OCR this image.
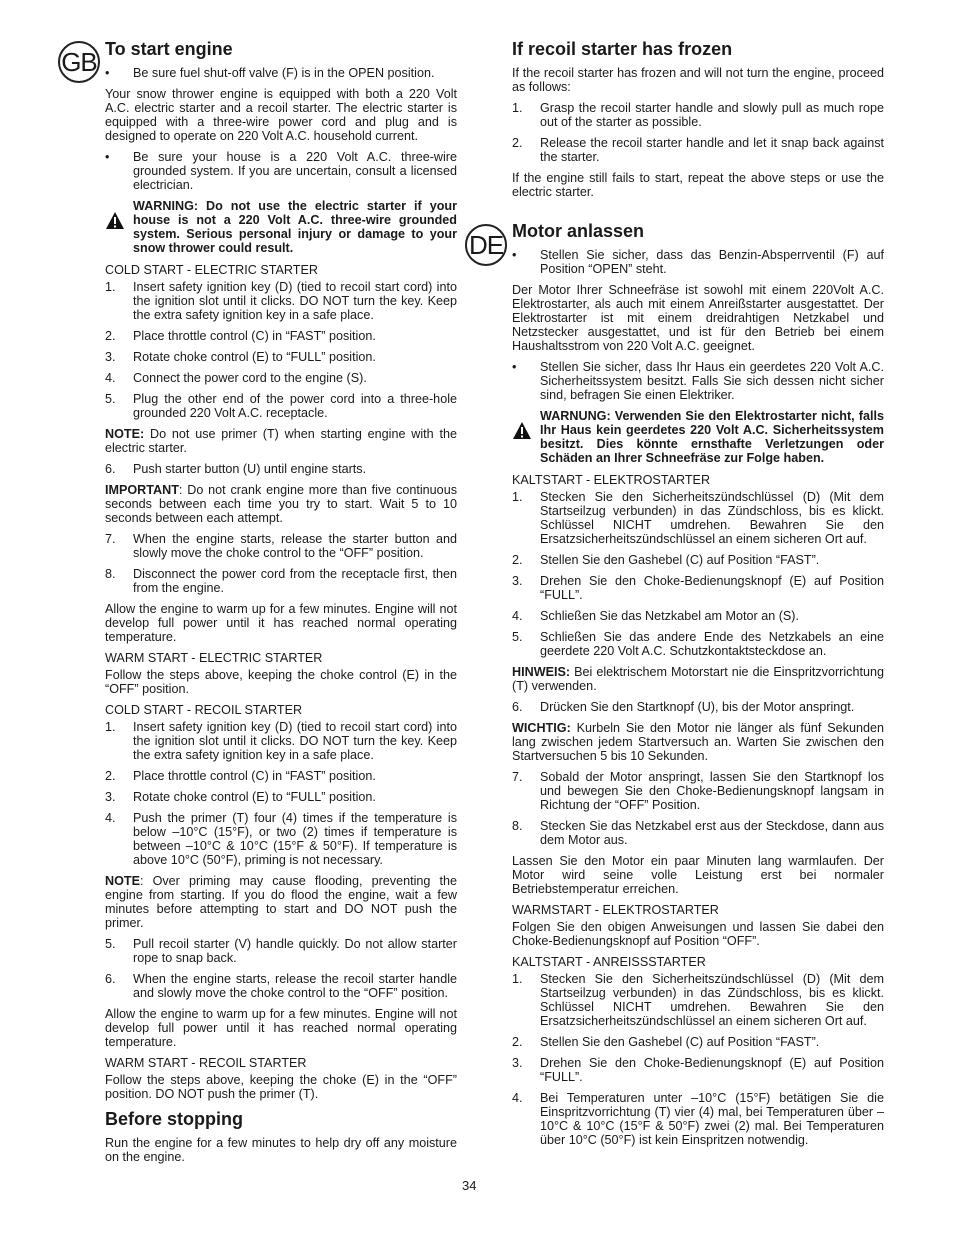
GB
DE
To start engine
• Be sure fuel shut-off valve (F) is in the OPEN position.

Your snow thrower engine is equipped with both a 220 Volt A.C. electric starter and a recoil starter. The electric starter is equipped with a three-wire power cord and plug and is designed to operate on 220 Volt A.C. household current.

• Be sure your house is a 220 Volt A.C. three-wire grounded system. If you are uncertain, consult a licensed electrician.
WARNING: Do not use the electric starter if your house is not a 220 Volt A.C. three-wire grounded system. Serious personal injury or damage to your snow thrower could result.

COLD START - ELECTRIC STARTER

1. Insert safety ignition key (D) (tied to recoil start cord) into the ignition slot until it clicks. DO NOT turn the key. Keep the extra safety ignition key in a safe place.
2. Place throttle control (C) in “FAST” position.
3. Rotate choke control (E) to “FULL” position.
4. Connect the power cord to the engine (S).
5. Plug the other end of the power cord into a three-hole grounded 220 Volt A.C. receptacle.

NOTE: Do not use primer (T) when starting engine with the electric starter.

6. Push starter button (U) until engine starts.

IMPORTANT: Do not crank engine more than five continuous seconds between each time you try to start. Wait 5 to 10 seconds between each attempt.

7. When the engine starts, release the starter button and slowly move the choke control to the “OFF” position.
8. Disconnect the power cord from the receptacle first, then from the engine.

Allow the engine to warm up for a few minutes. Engine will not develop full power until it has reached normal operating temperature.

WARM START - ELECTRIC STARTER

Follow the steps above, keeping the choke control (E) in the “OFF” position.

COLD START - RECOIL STARTER

1. Insert safety ignition key (D) (tied to recoil start cord) into the ignition slot until it clicks. DO NOT turn the key. Keep the extra safety ignition key in a safe place.
2. Place throttle control (C) in “FAST” position.
3. Rotate choke control (E) to “FULL” position.
4. Push the primer (T) four (4) times if the temperature is below –10°C (15°F), or two (2) times if temperature is between –10°C & 10°C (15°F & 50°F). If temperature is above 10°C (50°F), priming is not necessary.

NOTE: Over priming may cause flooding, preventing the engine from starting. If you do flood the engine, wait a few minutes before attempting to start and DO NOT push the primer.

5. Pull recoil starter (V) handle quickly. Do not allow starter rope to snap back.
6. When the engine starts, release the recoil starter handle and slowly move the choke control to the “OFF” position.

Allow the engine to warm up for a few minutes. Engine will not develop full power until it has reached normal operating temperature.

WARM START - RECOIL STARTER

Follow the steps above, keeping the choke (E) in the “OFF” position. DO NOT push the primer (T).

Before stopping

Run the engine for a few minutes to help dry off any moisture on the engine.

If recoil starter has frozen

If the recoil starter has frozen and will not turn the engine, proceed as follows:

1. Grasp the recoil starter handle and slowly pull as much rope out of the starter as possible.
2. Release the recoil starter handle and let it snap back against the starter.

If the engine still fails to start, repeat the above steps or use the electric starter.

Motor anlassen
• Stellen Sie sicher, dass das Benzin-Absperrventil (F) auf Position “OPEN” steht.

Der Motor Ihrer Schneefräse ist sowohl mit einem 220Volt A.C. Elektrostarter, als auch mit einem Anreißstarter ausgestattet. Der Elektrostarter ist mit einem dreidrahtigen Netzkabel und Netzstecker ausgestattet, und ist für den Betrieb bei einem Haushaltsstrom von 220 Volt A.C. geeignet.

• Stellen Sie sicher, dass Ihr Haus ein geerdetes 220 Volt A.C. Sicherheitssystem besitzt. Falls Sie sich dessen nicht sicher sind, befragen Sie einen Elektriker.
WARNUNG: Verwenden Sie den Elektrostarter nicht, falls Ihr Haus kein geerdetes 220 Volt A.C. Sicherheitssystem besitzt. Dies könnte ernsthafte Verletzungen oder Schäden an Ihrer Schneefräse zur Folge haben.

KALTSTART - ELEKTROSTARTER

1. Stecken Sie den Sicherheitszündschlüssel (D) (Mit dem Startseilzug verbunden) in das Zündschloss, bis es klickt. Schlüssel NICHT umdrehen. Bewahren Sie den Ersatzsicherheitszündschlüssel an einem sicheren Ort auf.
2. Stellen Sie den Gashebel (C) auf Position “FAST”.
3. Drehen Sie den Choke-Bedienungsknopf (E) auf Position “FULL”.
4. Schließen Sie das Netzkabel am Motor an (S).
5. Schließen Sie das andere Ende des Netzkabels an eine geerdete 220 Volt A.C. Schutzkontaktsteckdose an.

HINWEIS: Bei elektrischem Motorstart nie die Einspritzvorrichtung (T) verwenden.

6. Drücken Sie den Startknopf (U), bis der Motor anspringt.

WICHTIG: Kurbeln Sie den Motor nie länger als fünf Sekunden lang zwischen jedem Startversuch an. Warten Sie zwischen den Startversuchen 5 bis 10 Sekunden.

7. Sobald der Motor anspringt, lassen Sie den Startknopf los und bewegen Sie den Choke-Bedienungsknopf langsam in Richtung der “OFF” Position.
8. Stecken Sie das Netzkabel erst aus der Steckdose, dann aus dem Motor aus.

Lassen Sie den Motor ein paar Minuten lang warmlaufen. Der Motor wird seine volle Leistung erst bei normaler Betriebstemperatur erreichen.

WARMSTART - ELEKTROSTARTER

Folgen Sie den obigen Anweisungen und lassen Sie dabei den Choke-Bedienungsknopf auf Position “OFF”.

KALTSTART - ANREISSSTARTER

1. Stecken Sie den Sicherheitszündschlüssel (D) (Mit dem Startseilzug verbunden) in das Zündschloss, bis es klickt. Schlüssel NICHT umdrehen. Bewahren Sie den Ersatzsicherheitszündschlüssel an einem sicheren Ort auf.
2. Stellen Sie den Gashebel (C) auf Position “FAST”.
3. Drehen Sie den Choke-Bedienungsknopf (E) auf Position “FULL”.
4. Bei Temperaturen unter –10°C (15°F) betätigen Sie die Einspritzvorrichtung (T) vier (4) mal, bei Temperaturen über –10°C & 10°C (15°F & 50°F) zwei (2) mal. Bei Temperaturen über 10°C (50°F) ist kein Einspritzen notwendig.
34
